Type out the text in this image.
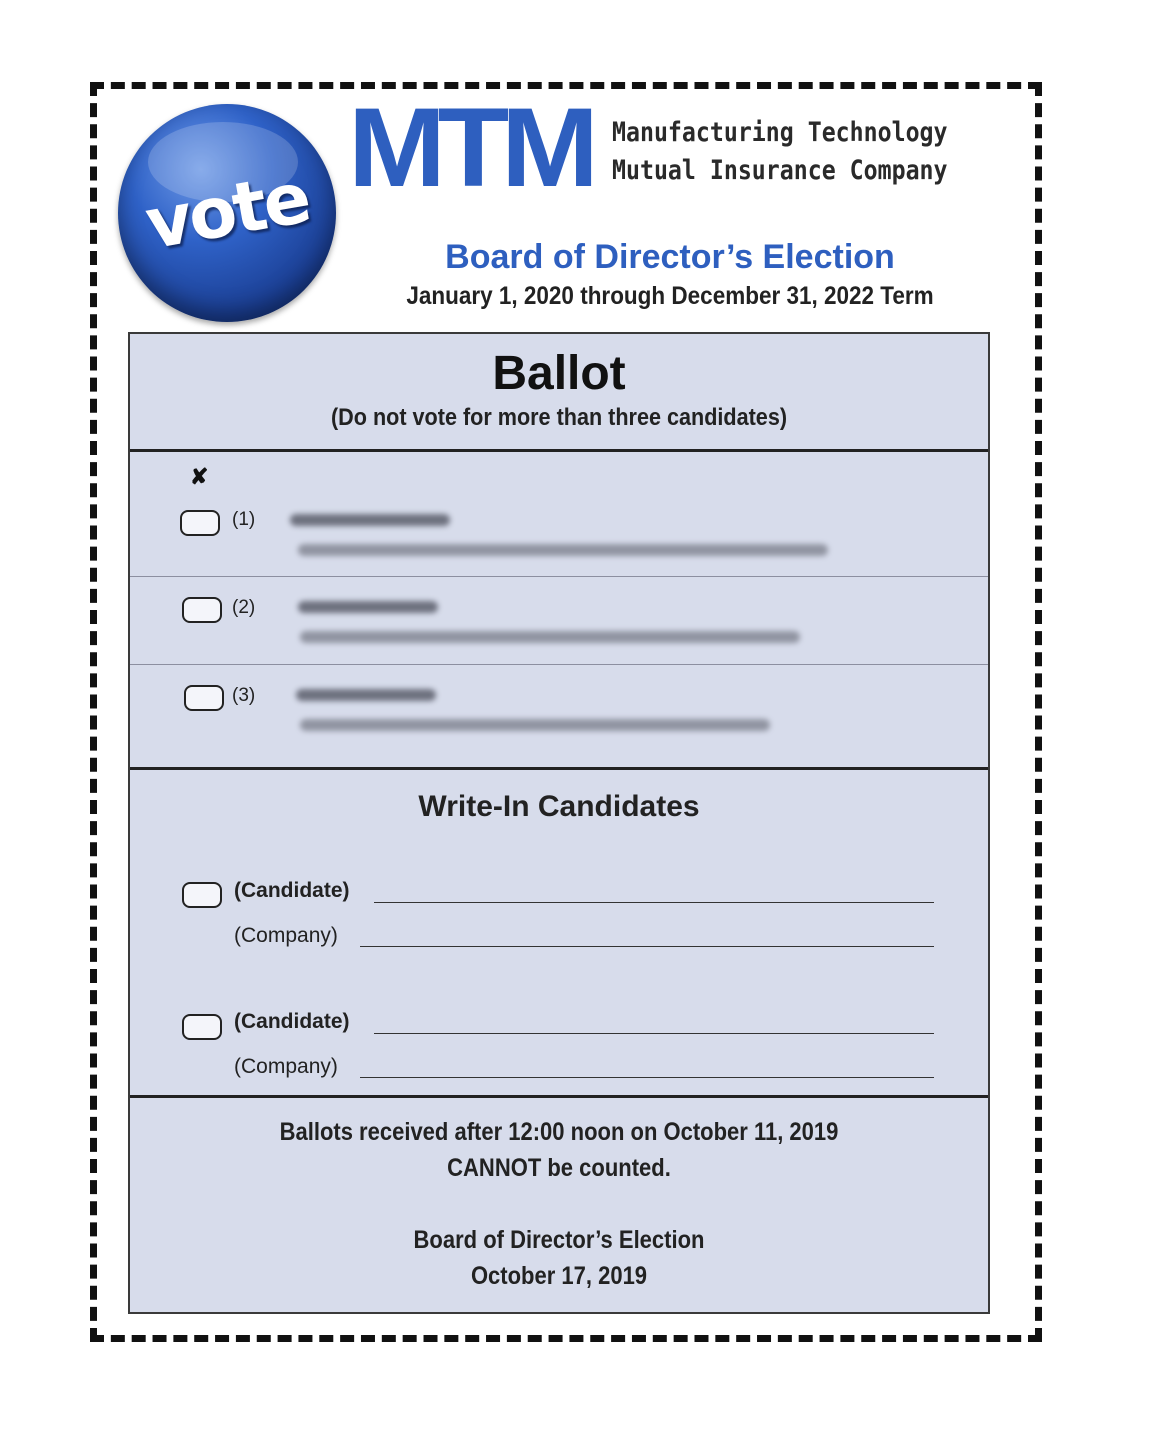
vote
MTM Manufacturing Technology
Mutual Insurance Company
Board of Director’s Election
January 1, 2020 through December 31, 2022 Term
Ballot
(Do not vote for more than three candidates)
✘
(1)
(2)
(3)
Write-In Candidates
(Candidate)
(Company)
(Candidate)
(Company)
Ballots received after 12:00 noon on October 11, 2019
CANNOT be counted.
Board of Director’s Election
October 17, 2019
